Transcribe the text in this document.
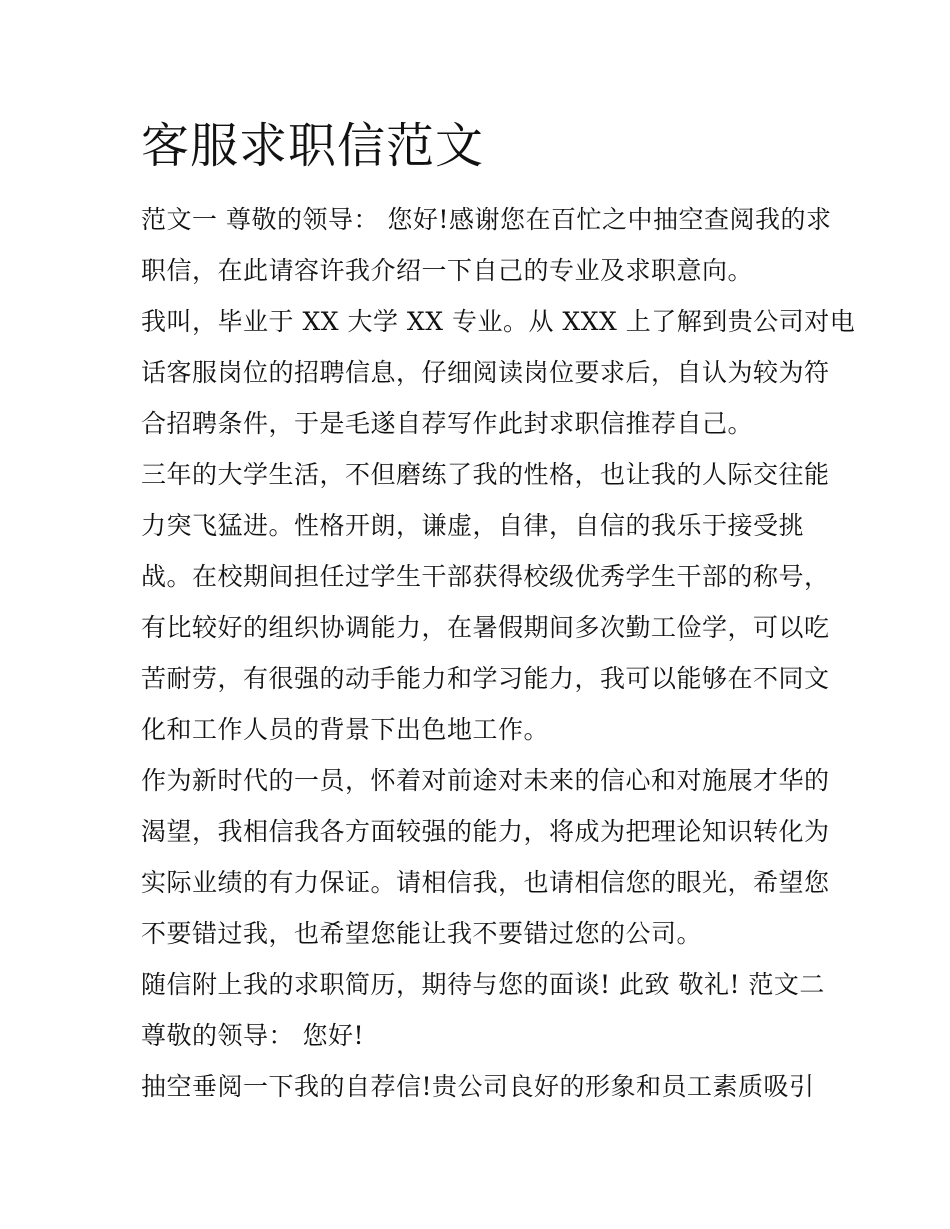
客服求职信范文

范文一 尊敬的领导： 您好!感谢您在百忙之中抽空查阅我的求

职信，在此请容许我介绍一下自己的专业及求职意向。

我叫，毕业于 XX 大学 XX 专业。从 XXX 上了解到贵公司对电

话客服岗位的招聘信息，仔细阅读岗位要求后，自认为较为符

合招聘条件，于是毛遂自荐写作此封求职信推荐自己。

三年的大学生活，不但磨练了我的性格，也让我的人际交往能

力突飞猛进。性格开朗，谦虚，自律，自信的我乐于接受挑

战。在校期间担任过学生干部获得校级优秀学生干部的称号，

有比较好的组织协调能力，在暑假期间多次勤工俭学，可以吃

苦耐劳，有很强的动手能力和学习能力，我可以能够在不同文

化和工作人员的背景下出色地工作。

作为新时代的一员，怀着对前途对未来的信心和对施展才华的

渴望，我相信我各方面较强的能力，将成为把理论知识转化为

实际业绩的有力保证。请相信我，也请相信您的眼光，希望您

不要错过我，也希望您能让我不要错过您的公司。

随信附上我的求职简历，期待与您的面谈! 此致 敬礼! 范文二

尊敬的领导： 您好!

抽空垂阅一下我的自荐信!贵公司良好的形象和员工素质吸引
